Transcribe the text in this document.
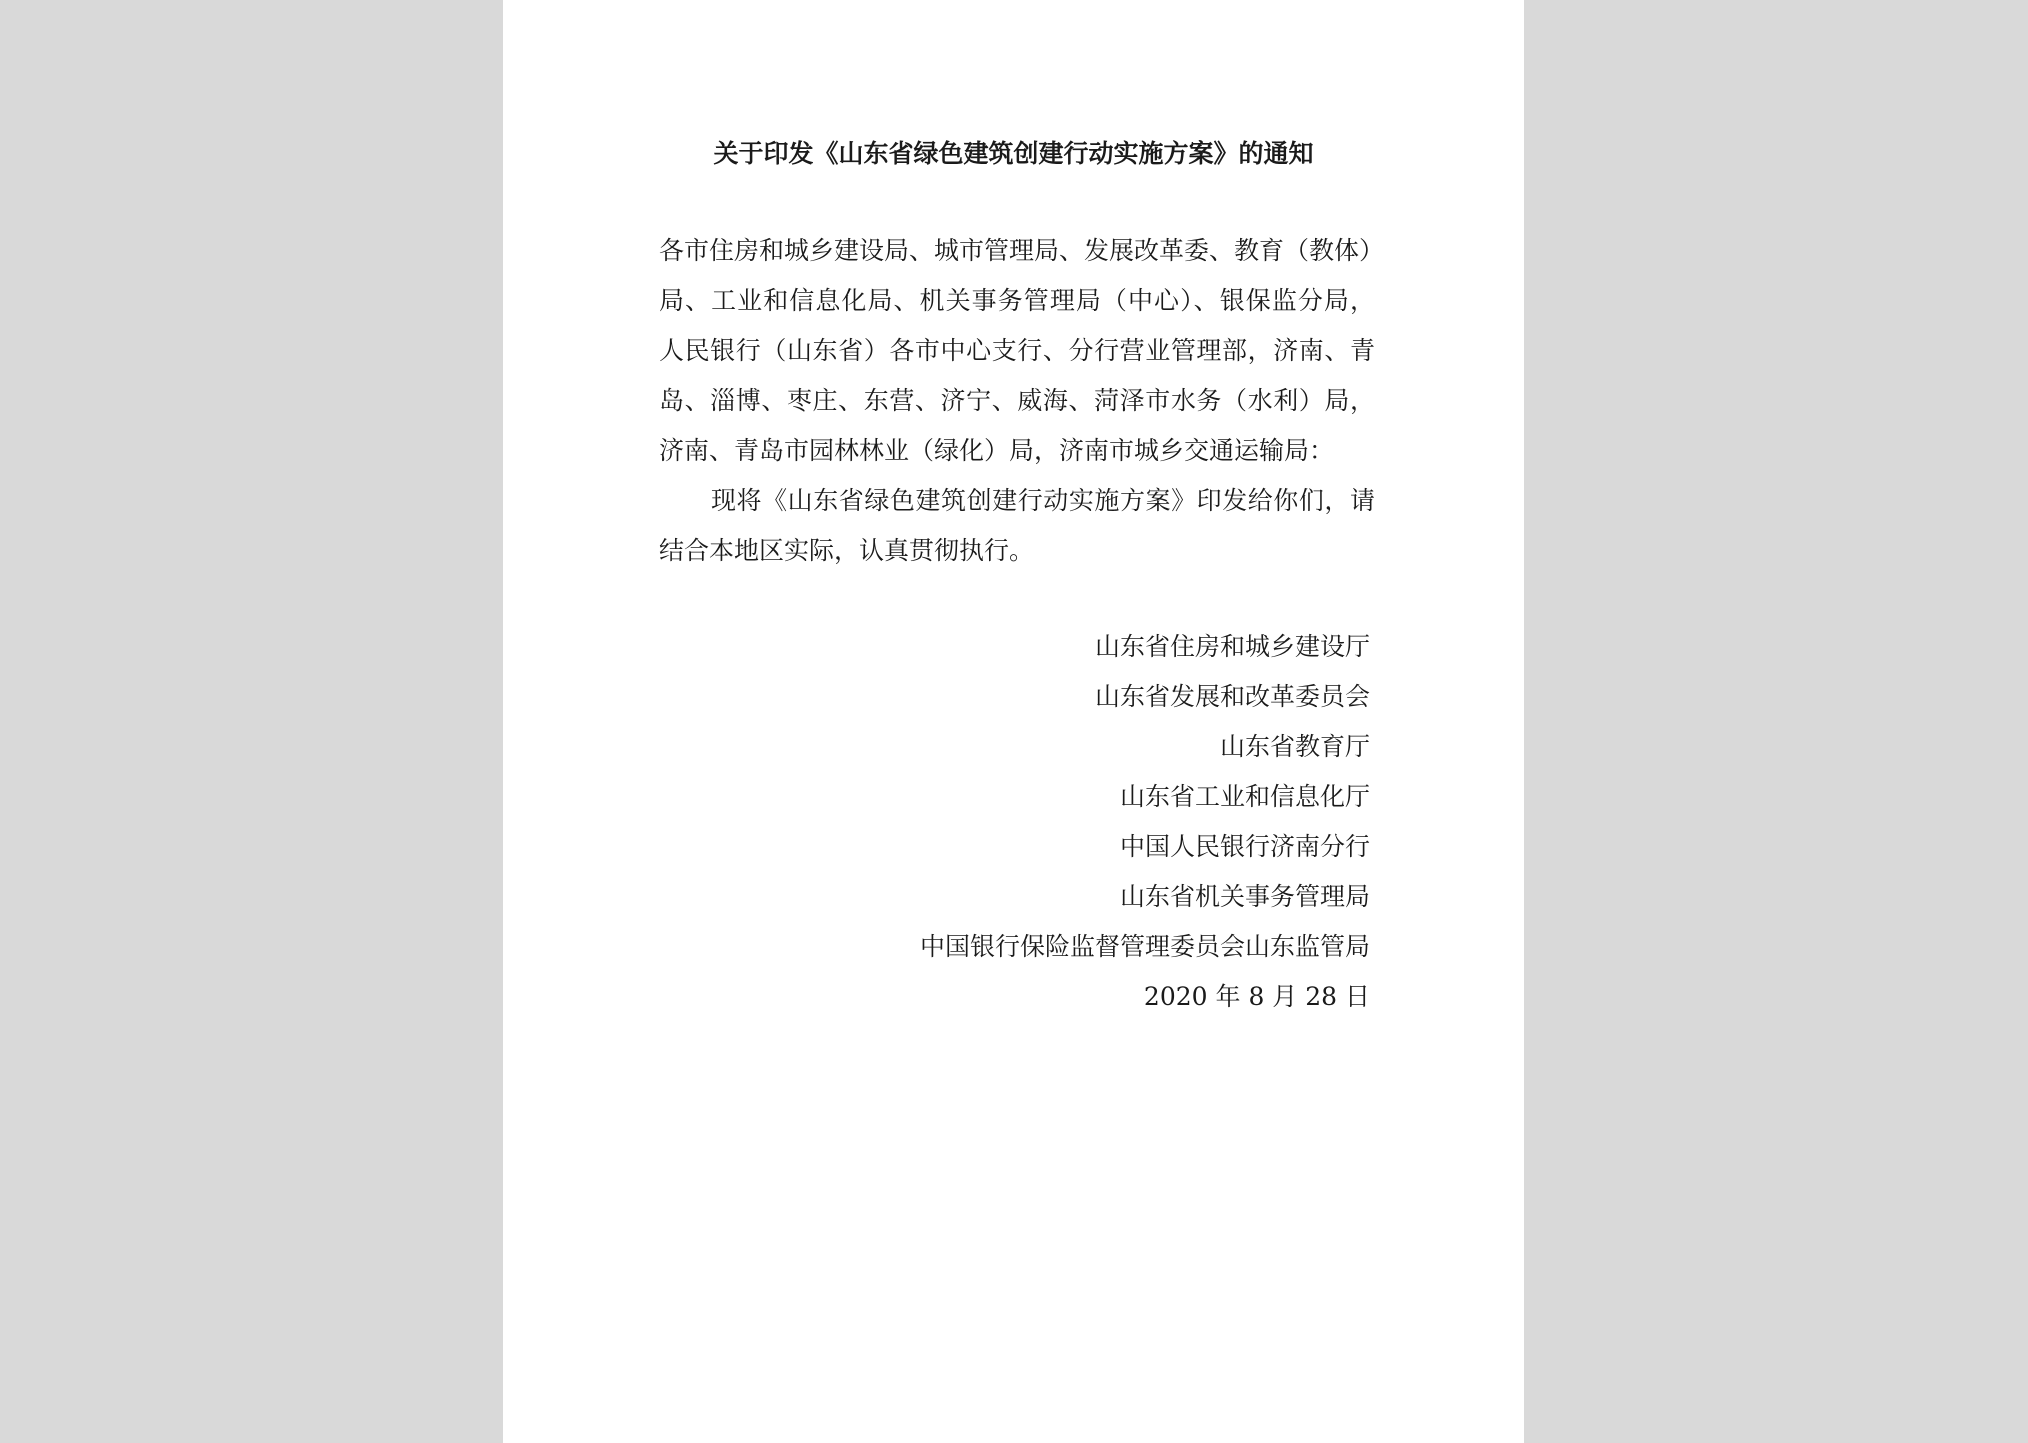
关于印发《山东省绿色建筑创建行动实施方案》的通知
各市住房和城乡建设局、城市管理局、发展改革委、教育（教体）
局、工业和信息化局、机关事务管理局（中心）、银保监分局，
人民银行（山东省）各市中心支行、分行营业管理部，济南、青
岛、淄博、枣庄、东营、济宁、威海、菏泽市水务（水利）局，
济南、青岛市园林林业（绿化）局，济南市城乡交通运输局：
现将《山东省绿色建筑创建行动实施方案》印发给你们，请
结合本地区实际，认真贯彻执行。
山东省住房和城乡建设厅
山东省发展和改革委员会
山东省教育厅
山东省工业和信息化厅
中国人民银行济南分行
山东省机关事务管理局
中国银行保险监督管理委员会山东监管局
2020 年 8 月 28 日
